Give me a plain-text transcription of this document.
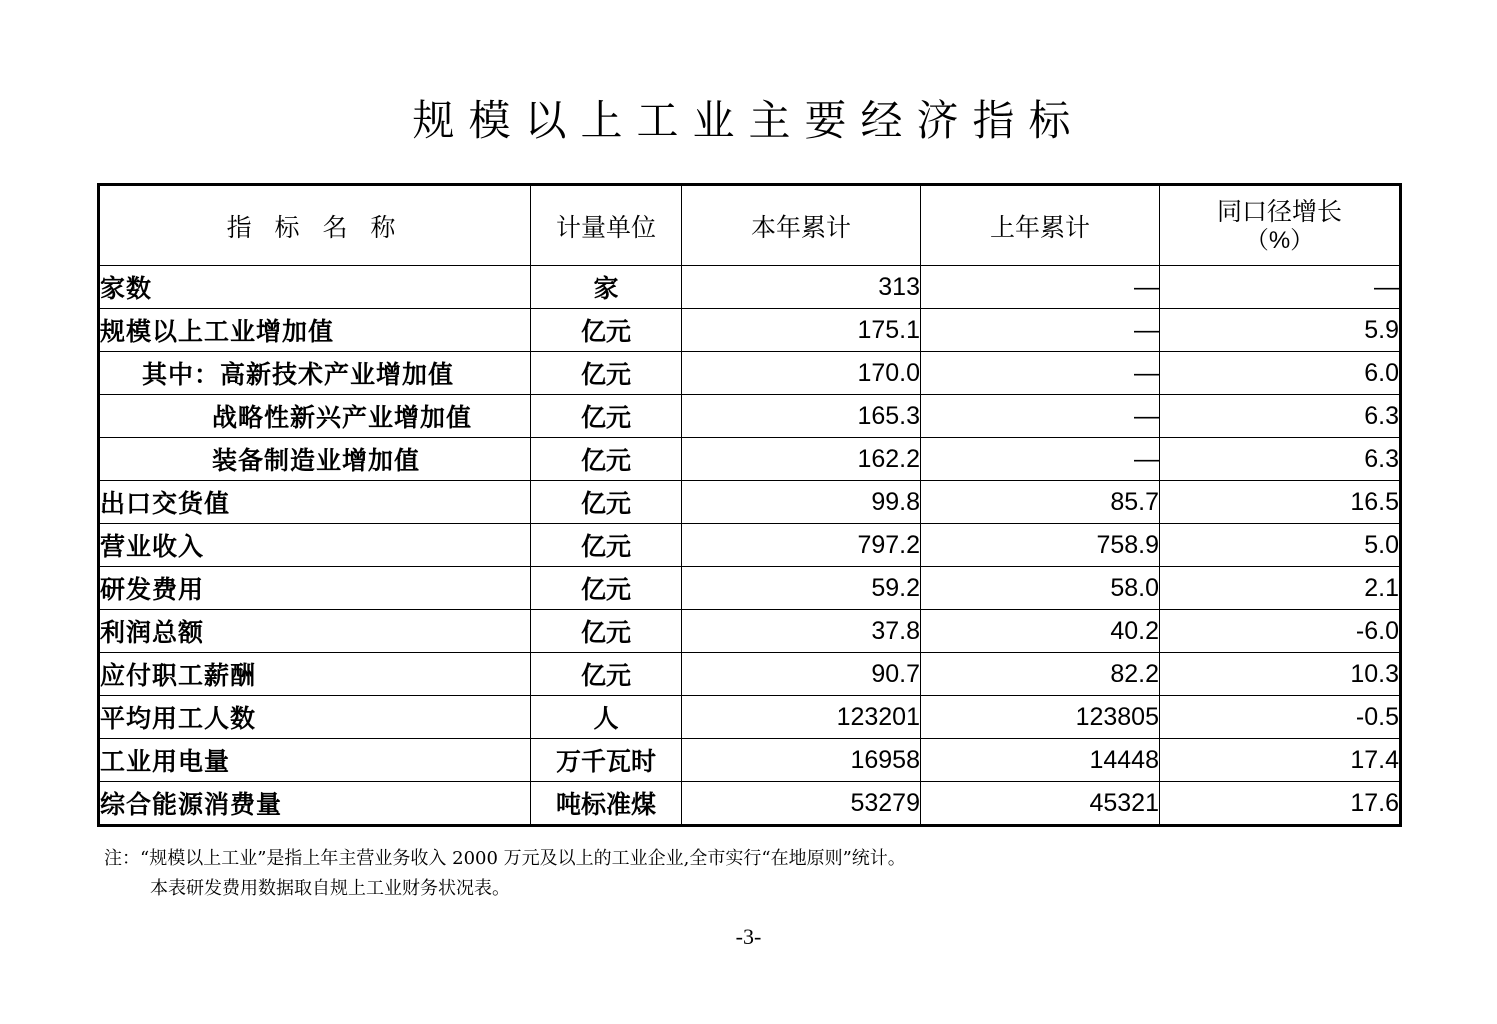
规模以上工业主要经济指标
指 标 名 称	计量单位	本年累计	上年累计	同口径增长
（%）

家数	家	313	—	—
规模以上工业增加值	亿元	175.1	—	5.9
其中：高新技术产业增加值	亿元	170.0	—	6.0
战略性新兴产业增加值	亿元	165.3	—	6.3
装备制造业增加值	亿元	162.2	—	6.3
出口交货值	亿元	99.8	85.7	16.5
营业收入	亿元	797.2	758.9	5.0
研发费用	亿元	59.2	58.0	2.1
利润总额	亿元	37.8	40.2	-6.0
应付职工薪酬	亿元	90.7	82.2	10.3
平均用工人数	人	123201	123805	-0.5
工业用电量	万千瓦时	16958	14448	17.4
综合能源消费量	吨标准煤	53279	45321	17.6
注：“规模以上工业”是指上年主营业务收入 2000 万元及以上的工业企业,全市实行“在地原则”统计。
本表研发费用数据取自规上工业财务状况表。
-3-
